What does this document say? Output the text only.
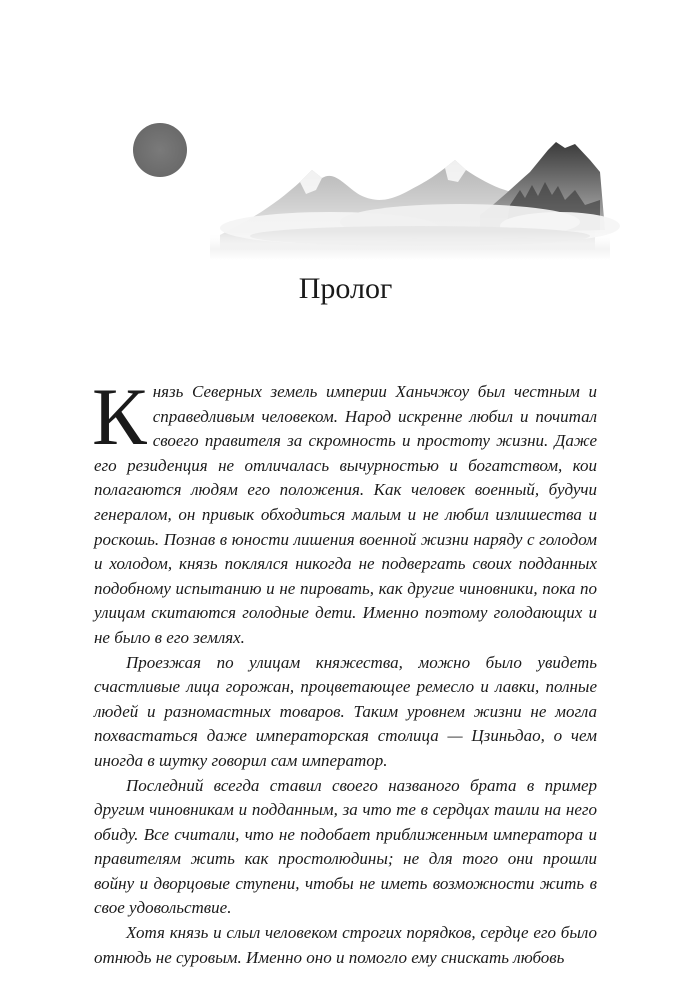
Пролог

Князь Северных земель империи Ханьчжоу был честным и справедливым человеком. Народ искренне любил и почитал своего правителя за скромность и простоту жизни. Даже его резиденция не отличалась вычурностью и богатством, кои полагаются людям его положения. Как человек военный, будучи генералом, он привык обходиться малым и не любил излишества и роскошь. Познав в юности лишения военной жизни наряду с голодом и холодом, князь поклялся никогда не подвергать своих подданных подобному испытанию и не пировать, как другие чиновники, пока по улицам скитаются голодные дети. Именно поэтому голодающих и не было в его землях.

Проезжая по улицам княжества, можно было увидеть счастливые лица горожан, процветающее ремесло и лавки, полные людей и разномастных товаров. Таким уровнем жизни не могла похвастаться даже императорская столица — Цзиньдао, о чем иногда в шутку говорил сам император.

Последний всегда ставил своего названого брата в пример другим чиновникам и подданным, за что те в сердцах таили на него обиду. Все считали, что не подобает приближенным императора и правителям жить как простолюдины; не для того они прошли войну и дворцовые ступени, чтобы не иметь возможности жить в свое удовольствие.

Хотя князь и слыл человеком строгих порядков, сердце его было отнюдь не суровым. Именно оно и помогло ему снискать любовь
